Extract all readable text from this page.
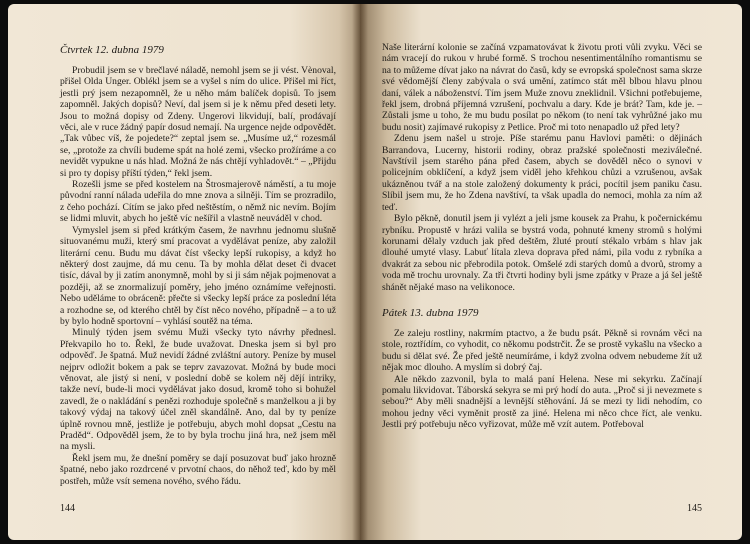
Čtvrtek 12. dubna 1979

Probudil jsem se v brečlavé náladě, nemohl jsem se ji vést. Vènoval, přišel Olda Unger. Oblékl jsem se a vyšel s ním do ulice. Přišel mi říct, jestli prý jsem nezapomněl, že u něho mám balíček dopisů. To jsem zapomněl. Jakých dopisů? Neví, dal jsem si je k němu před deseti lety. Jsou to možná dopisy od Zdeny. Ungerovi likvidují, balí, prodávají věci, ale v ruce žádný papír dosud nemají. Na urgence nejde odpovědět. „Tak vůbec víš, že pojedete?“ zeptal jsem se. „Musíme už,“ rozesmál se, „protože za chvíli budeme spát na holé zemi, všecko prožíráme a co nevidět vypukne u nás hlad. Možná že nás chtějí vyhladovět.“ – „Přijdu si pro ty dopisy příští týden,“ řekl jsem.

Rozešli jsme se před kostelem na Štrosmajerově náměstí, a tu moje původní ranní nálada udeřila do mne znova a silněji. Tím se prozradilo, z čeho pochází. Cítím se jako před neštěstím, o němž nic nevím. Bojím se lidmi mluvit, abych ho ještě víc nešířil a vlastně neuváděl v chod.

Vymyslel jsem si před krátkým časem, že navrhnu jednomu slušně situovanému muži, který smí pracovat a vydělávat peníze, aby založil literární cenu. Budu mu dávat číst všecky lepší rukopisy, a když ho některý dost zaujme, dá mu cenu. Ta by mohla dělat deset či dvacet tisíc, dával by ji zatím anonymně, mohl by si ji sám nějak pojmenovat a později, až se znormalizují poměry, jeho jméno oznámíme veřejnosti. Nebo uděláme to obráceně: přečte si všecky lepší práce za poslední léta a rozhodne se, od kterého chtěl by číst něco nového, případně – a to už by bylo hodně sportovní – vyhlásí soutěž na téma.

Minulý týden jsem svému Muži všecky tyto návrhy přednesl. Překvapilo ho to. Řekl, že bude uvažovat. Dneska jsem si byl pro odpověď. Je špatná. Muž nevidí žádné zvláštní autory. Peníze by musel nejprv odložit bokem a pak se teprv zavazovat. Možná by bude moci věnovat, ale jistý si není, v poslední době se kolem něj dějí intriky, takže neví, bude-li moci vydělávat jako dosud, kromě toho si bohužel zavedl, že o nakládání s penězi rozhoduje společně s manželkou a ji by takový výdaj na takový účel zněl skandálně. Ano, dal by ty peníze úplně rovnou mně, jestliže je potřebuju, abych mohl dopsat „Cestu na Praděd“. Odpověděl jsem, že to by byla trochu jiná hra, než jsem měl na mysli.

Řekl jsem mu, že dnešní poměry se dají posuzovat buď jako hrozně špatné, nebo jako rozdrcené v prvotní chaos, do něhož teď, kdo by měl postřeh, může vsít semena nového, svého řádu.

144

Naše literární kolonie se začíná vzpamatovávat k životu proti vůli zvyku. Věci se nám vracejí do rukou v hrubé formě. S trochou nesentimentálního romantismu se na to můžeme dívat jako na návrat do časů, kdy se evropská společnost sama skrze své vědomější členy zabývala o svá umění, zatímco stát měl blbou hlavu plnou daní, válek a náboženství. Tím jsem Muže znovu zneklidnil. Všichni potřebujeme, řekl jsem, drobná příjemná vzrušení, pochvalu a dary. Kde je brát? Tam, kde je. – Zůstali jsme u toho, že mu budu posílat po někom (to není tak vyhrůžné jako mu budu nosit) zajímavé rukopisy z Petlice. Proč mi toto nenapadlo už před lety?

Zdenu jsem našel u stroje. Píše starému panu Havlovi paměti: o dějinách Barrandova, Lucerny, historii rodiny, obraz pražské společnosti meziválečné. Navštívil jsem starého pána před časem, abych se dověděl něco o synovi v policejním obklíčení, a když jsem viděl jeho křehkou chůzi a vzrušenou, avšak ukázněnou tvář a na stole založený dokumenty k práci, pocítil jsem paniku času. Slíbil jsem mu, že ho Zdena navštíví, ta však upadla do nemoci, mohla za ním až teď.

Bylo pěkně, donutil jsem ji vylézt a jeli jsme kousek za Prahu, k počernickému rybníku. Propustě v hrázi valila se bystrá voda, pohnuté kmeny stromů s holými korunami dělaly vzduch jak před deštěm, žluté proutí stékalo vrbám s hlav jak dlouhé umyté vlasy. Labuť lítala zleva doprava před námi, pila vodu z rybníka a dvakrát za sebou nic přebrodila potok. Omšelé zdi starých domů a dvorů, stromy a voda mě trochu urovnaly. Za tři čtvrti hodiny byli jsme zpátky v Praze a já šel ještě shánět nějaké maso na velikonoce.

Pátek 13. dubna 1979

Ze zaleju rostliny, nakrmím ptactvo, a že budu psát. Pěkně si rovnám věci na stole, roztřídím, co vyhodit, co někomu podstrčit. Že se prostě vykašlu na všecko a budu si dělat své. Že před ještě neumíráme, i když zvolna odvem nebudeme žít už nějak moc dlouho. A myslím si dobrý čaj.

Ale někdo zazvonil, byla to malá paní Helena. Nese mi sekyrku. Začínají pomalu likvidovat. Táborská sekyra se mi prý hodí do auta. „Proč si ji nevezmete s sebou?“ Aby měli snadnější a levnější stěhování. Já se mezi ty lidi nehodím, co mohou jedny věci vyměnit prostě za jiné. Helena mi něco chce říct, ale venku. Jestli prý potřebuju něco vyřizovat, může mě vzít autem. Potřeboval

145
